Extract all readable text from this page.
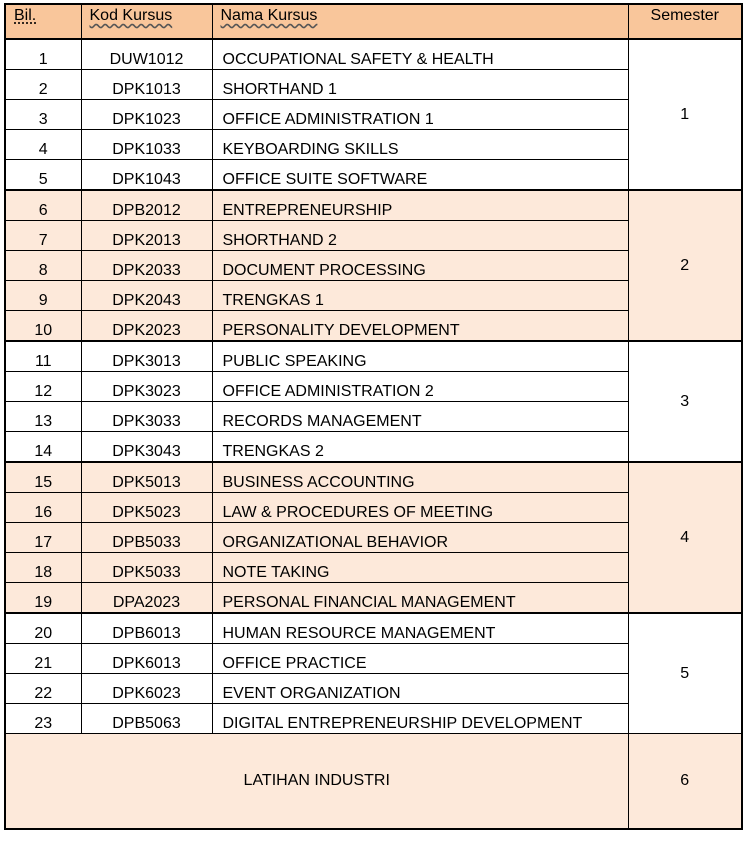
Bil.	Kod Kursus	Nama Kursus	Semester
1	DUW1012	OCCUPATIONAL SAFETY & HEALTH	1
2	DPK1013	SHORTHAND 1	
3	DPK1023	OFFICE ADMINISTRATION 1	
4	DPK1033	KEYBOARDING SKILLS	
5	DPK1043	OFFICE SUITE SOFTWARE	
6	DPB2012	ENTREPRENEURSHIP	2
7	DPK2013	SHORTHAND 2	
8	DPK2033	DOCUMENT PROCESSING	
9	DPK2043	TRENGKAS 1	
10	DPK2023	PERSONALITY DEVELOPMENT	
11	DPK3013	PUBLIC SPEAKING	3
12	DPK3023	OFFICE ADMINISTRATION 2	
13	DPK3033	RECORDS MANAGEMENT	
14	DPK3043	TRENGKAS 2	
15	DPK5013	BUSINESS ACCOUNTING	4
16	DPK5023	LAW & PROCEDURES OF MEETING	
17	DPB5033	ORGANIZATIONAL BEHAVIOR	
18	DPK5033	NOTE TAKING	
19	DPA2023	PERSONAL FINANCIAL MANAGEMENT	
20	DPB6013	HUMAN RESOURCE MANAGEMENT	5
21	DPK6013	OFFICE PRACTICE	
22	DPK6023	EVENT ORGANIZATION	
23	DPB5063	DIGITAL ENTREPRENEURSHIP DEVELOPMENT	
LATIHAN INDUSTRI			6
